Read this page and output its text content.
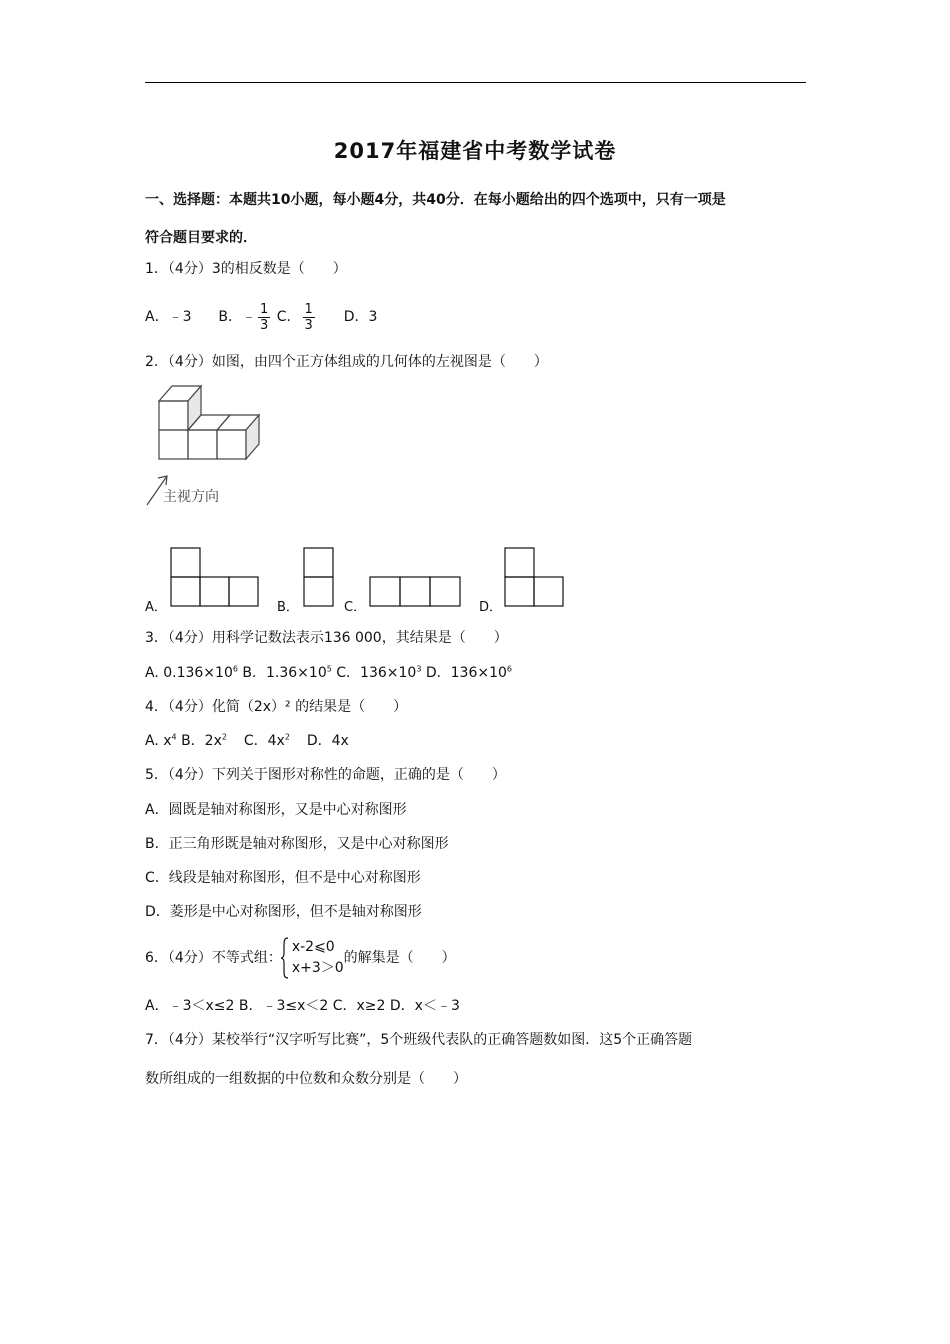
2017年福建省中考数学试卷
一、选择题：本题共10小题，每小题4分，共40分．在每小题给出的四个选项中，只有一项是
符合题目要求的．
1．（4分）3的相反数是（　　）
A．﹣3 B．﹣ $\frac{1}{3}$ C． $\frac{1}{3}$ D．3
2．（4分）如图，由四个正方体组成的几何体的左视图是（　　）
主视方向
A．	B．	C．	D．
3．（4分）用科学记数法表示136 000，其结果是（　　）
A. $0.136\times 10^6$ B．$1.36\times 10^5$ C．$136\times 10^3$ D．$136\times 10^6$
4．（4分）化简（2x）² 的结果是（　　）
A. $x^4$ B．$2x^2$ C．$4x^2$ D．4x
5．（4分）下列关于图形对称性的命题，正确的是（　　）
A．圆既是轴对称图形，又是中心对称图形
B．正三角形既是轴对称图形，又是中心对称图形
C．线段是轴对称图形，但不是中心对称图形
D．菱形是中心对称图形，但不是轴对称图形
6．（4分）不等式组：
x-2⩽0
x+3＞0
的解集是（　　）
A．﹣3＜x≤2 B．﹣3≤x＜2 C．x≥2 D．x＜﹣3
7．（4分）某校举行“汉字听写比赛”，5个班级代表队的正确答题数如图．这5个正确答题
数所组成的一组数据的中位数和众数分别是（　　）
